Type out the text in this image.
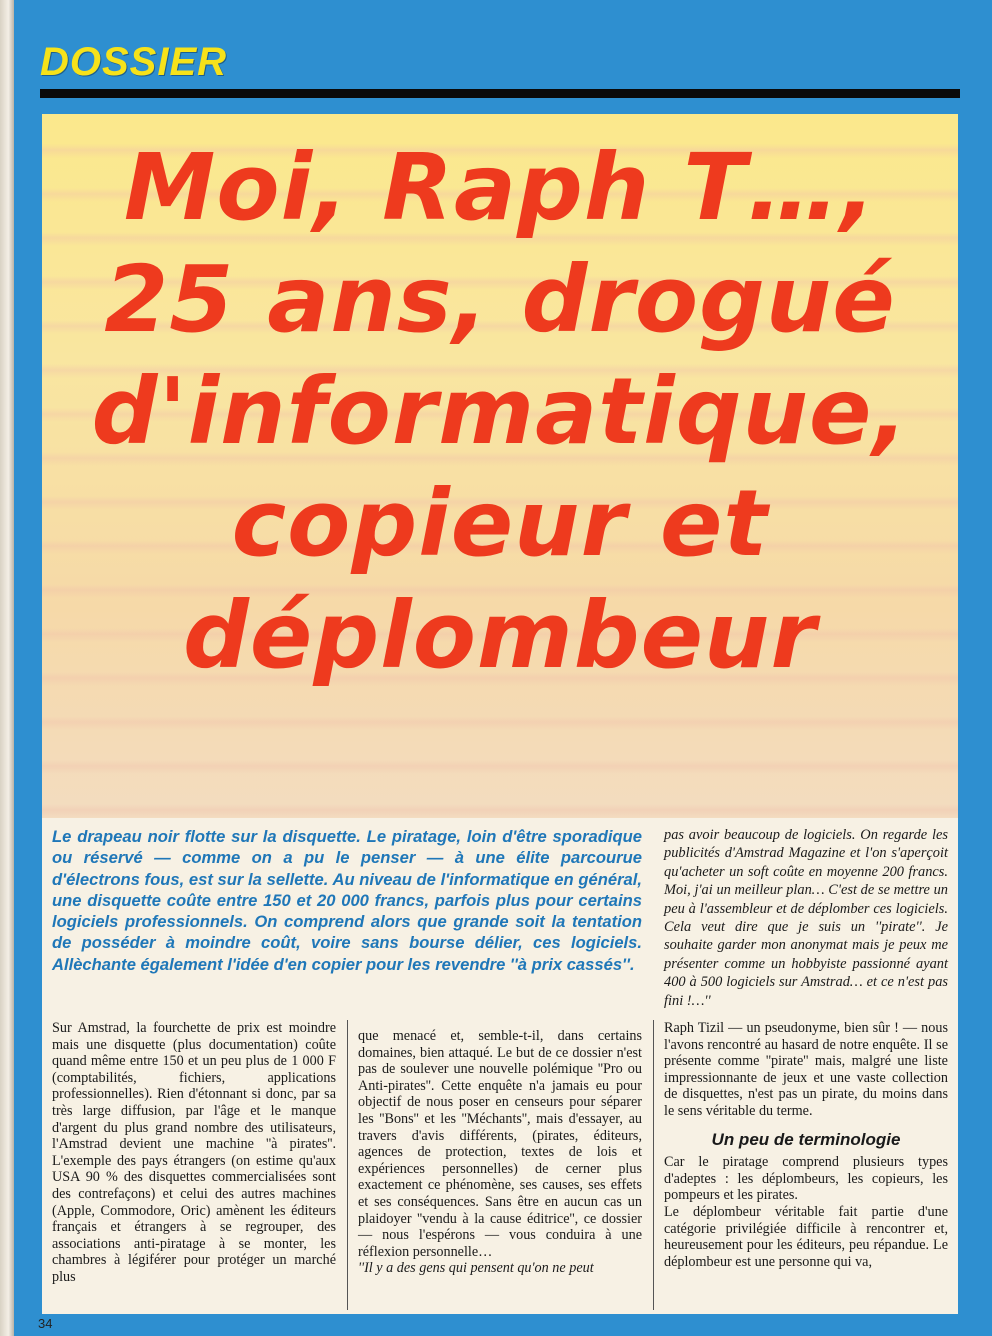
DOSSIER
Moi, Raph T…,
25 ans, drogué
d'informatique,
copieur et
déplombeur
Le drapeau noir flotte sur la disquette. Le piratage, loin d'être sporadique ou réservé — comme on a pu le penser — à une élite parcourue d'électrons fous, est sur la sellette. Au niveau de l'informatique en général, une disquette coûte entre 150 et 20 000 francs, parfois plus pour certains logiciels professionnels. On comprend alors que grande soit la tentation de posséder à moindre coût, voire sans bourse délier, ces logiciels. Allèchante également l'idée d'en copier pour les revendre ''à prix cassés''.
pas avoir beaucoup de logiciels. On regarde les publicités d'Amstrad Magazine et l'on s'aperçoit qu'acheter un soft coûte en moyenne 200 francs. Moi, j'ai un meilleur plan… C'est de se mettre un peu à l'assembleur et de déplomber ces logiciels. Cela veut dire que je suis un ''pirate''. Je souhaite garder mon anonymat mais je peux me présenter comme un hobbyiste passionné ayant 400 à 500 logiciels sur Amstrad… et ce n'est pas fini !…''

Sur Amstrad, la fourchette de prix est moindre mais une disquette (plus documentation) coûte quand même entre 150 et un peu plus de 1 000 F (comptabilités, fichiers, applications professionnelles). Rien d'étonnant si donc, par sa très large diffusion, par l'âge et le manque d'argent du plus grand nombre des utilisateurs, l'Amstrad devient une machine ''à pirates''. L'exemple des pays étrangers (on estime qu'aux USA 90 % des disquettes commercialisées sont des contrefaçons) et celui des autres machines (Apple, Commodore, Oric) amènent les éditeurs français et étrangers à se regrouper, des associations anti-piratage à se monter, les chambres à légiférer pour protéger un marché plus

que menacé et, semble-t-il, dans certains domaines, bien attaqué. Le but de ce dossier n'est pas de soulever une nouvelle polémique ''Pro ou Anti-pirates''. Cette enquête n'a jamais eu pour objectif de nous poser en censeurs pour séparer les ''Bons'' et les ''Méchants'', mais d'essayer, au travers d'avis différents, (pirates, éditeurs, agences de protection, textes de lois et expériences personnelles) de cerner plus exactement ce phénomène, ses causes, ses effets et ses conséquences. Sans être en aucun cas un plaidoyer ''vendu à la cause éditrice'', ce dossier — nous l'espérons — vous conduira à une réflexion personnelle…

''Il y a des gens qui pensent qu'on ne peut

Raph Tizil — un pseudonyme, bien sûr ! — nous l'avons rencontré au hasard de notre enquête. Il se présente comme ''pirate'' mais, malgré une liste impressionnante de jeux et une vaste collection de disquettes, n'est pas un pirate, du moins dans le sens véritable du terme.

Un peu de terminologie

Car le piratage comprend plusieurs types d'adeptes : les déplombeurs, les copieurs, les pompeurs et les pirates.

Le déplombeur véritable fait partie d'une catégorie privilégiée difficile à rencontrer et, heureusement pour les éditeurs, peu répandue. Le déplombeur est une personne qui va,

34
